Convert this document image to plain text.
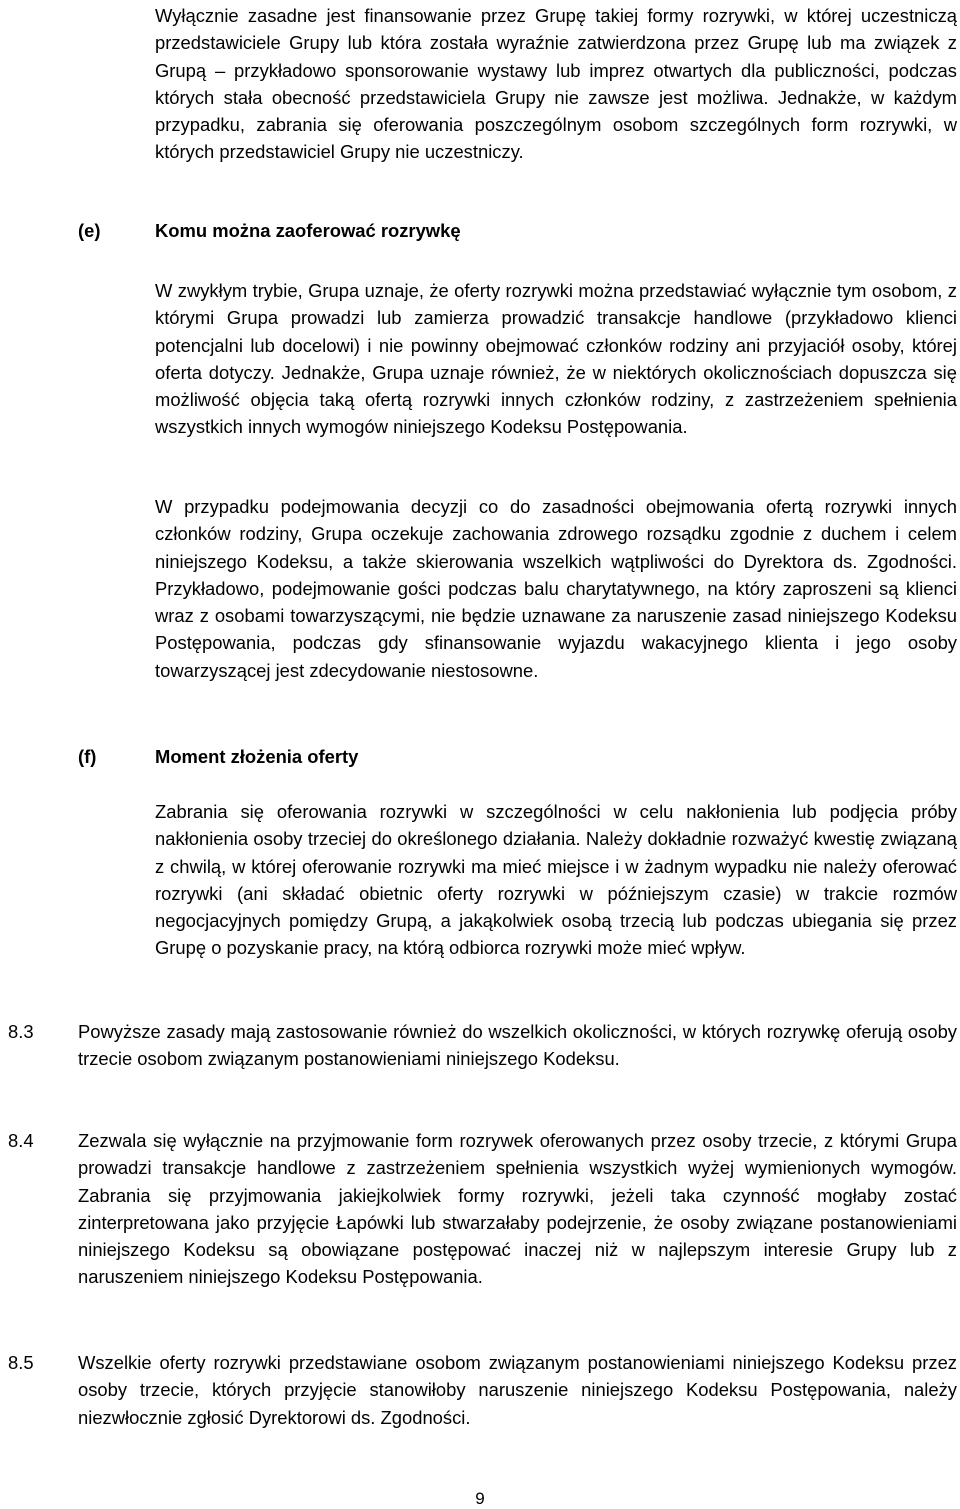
Wyłącznie zasadne jest finansowanie przez Grupę takiej formy rozrywki, w której uczestniczą przedstawiciele Grupy lub która została wyraźnie zatwierdzona przez Grupę lub ma związek z Grupą – przykładowo sponsorowanie wystawy lub imprez otwartych dla publiczności, podczas których stała obecność przedstawiciela Grupy nie zawsze jest możliwa. Jednakże, w każdym przypadku, zabrania się oferowania poszczególnym osobom szczególnych form rozrywki, w których przedstawiciel Grupy nie uczestniczy.

(e)	Komu można zaoferować rozrywkę

W zwykłym trybie, Grupa uznaje, że oferty rozrywki można przedstawiać wyłącznie tym osobom, z którymi Grupa prowadzi lub zamierza prowadzić transakcje handlowe (przykładowo klienci potencjalni lub docelowi) i nie powinny obejmować członków rodziny ani przyjaciół osoby, której oferta dotyczy. Jednakże, Grupa uznaje również, że w niektórych okolicznościach dopuszcza się możliwość objęcia taką ofertą rozrywki innych członków rodziny, z zastrzeżeniem spełnienia wszystkich innych wymogów niniejszego Kodeksu Postępowania.

W przypadku podejmowania decyzji co do zasadności obejmowania ofertą rozrywki innych członków rodziny, Grupa oczekuje zachowania zdrowego rozsądku zgodnie z duchem i celem niniejszego Kodeksu, a także skierowania wszelkich wątpliwości do Dyrektora ds. Zgodności. Przykładowo, podejmowanie gości podczas balu charytatywnego, na który zaproszeni są klienci wraz z osobami towarzyszącymi, nie będzie uznawane za naruszenie zasad niniejszego Kodeksu Postępowania, podczas gdy sfinansowanie wyjazdu wakacyjnego klienta i jego osoby towarzyszącej jest zdecydowanie niestosowne.

(f)	Moment złożenia oferty

Zabrania się oferowania rozrywki w szczególności w celu nakłonienia lub podjęcia próby nakłonienia osoby trzeciej do określonego działania. Należy dokładnie rozważyć kwestię związaną z chwilą, w której oferowanie rozrywki ma mieć miejsce i w żadnym wypadku nie należy oferować rozrywki (ani składać obietnic oferty rozrywki w późniejszym czasie) w trakcie rozmów negocjacyjnych pomiędzy Grupą, a jakąkolwiek osobą trzecią lub podczas ubiegania się przez Grupę o pozyskanie pracy, na którą odbiorca rozrywki może mieć wpływ.

8.3 Powyższe zasady mają zastosowanie również do wszelkich okoliczności, w których rozrywkę oferują osoby trzecie osobom związanym postanowieniami niniejszego Kodeksu.

8.4 Zezwala się wyłącznie na przyjmowanie form rozrywek oferowanych przez osoby trzecie, z którymi Grupa prowadzi transakcje handlowe z zastrzeżeniem spełnienia wszystkich wyżej wymienionych wymogów. Zabrania się przyjmowania jakiejkolwiek formy rozrywki, jeżeli taka czynność mogłaby zostać zinterpretowana jako przyjęcie Łapówki lub stwarzałaby podejrzenie, że osoby związane postanowieniami niniejszego Kodeksu są obowiązane postępować inaczej niż w najlepszym interesie Grupy lub z naruszeniem niniejszego Kodeksu Postępowania.

8.5 Wszelkie oferty rozrywki przedstawiane osobom związanym postanowieniami niniejszego Kodeksu przez osoby trzecie, których przyjęcie stanowiłoby naruszenie niniejszego Kodeksu Postępowania, należy niezwłocznie zgłosić Dyrektorowi ds. Zgodności.

9
